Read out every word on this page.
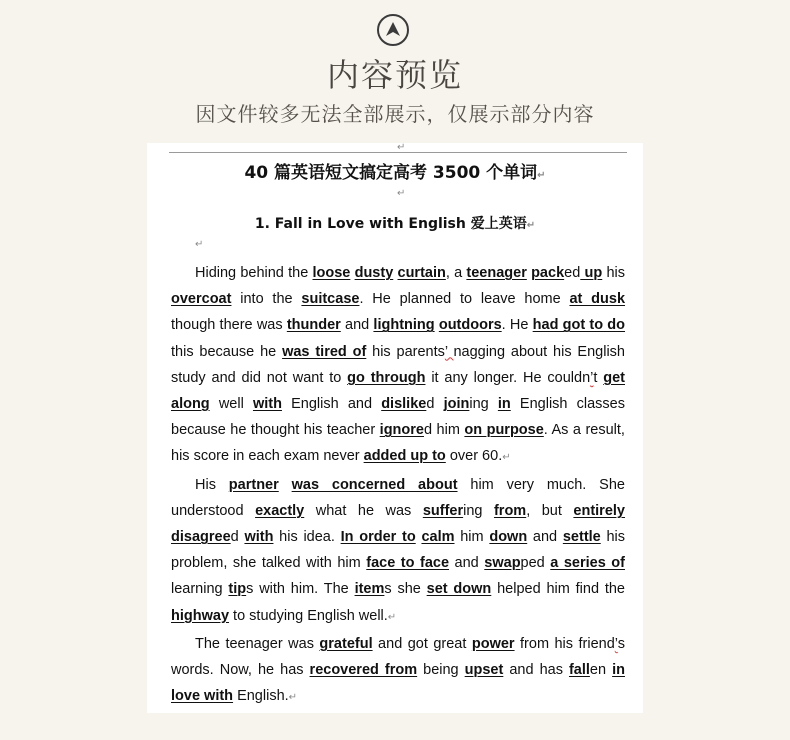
内容预览
因文件较多无法全部展示，仅展示部分内容
↵
40 篇英语短文搞定高考 3500 个单词↵
↵
1. Fall in Love with English 爱上英语↵
↵

Hiding behind the loose dusty curtain, a teenager packed up his overcoat into the suitcase. He planned to leave home at dusk though there was thunder and lightning outdoors. He had got to do this because he was tired of his parents’ nagging about his English study and did not want to go through it any longer. He couldn’t get along well with English and disliked joining in English classes because he thought his teacher ignored him on purpose. As a result, his score in each exam never added up to over 60.↵

His partner was concerned about him very much. She understood exactly what he was suffering from, but entirely disagreed with his idea. In order to calm him down and settle his problem, she talked with him face to face and swapped a series of learning tips with him. The items she set down helped him find the highway to studying English well.↵

The teenager was grateful and got great power from his friend’s words. Now, he has recovered from being upset and has fallen in love with English.↵
